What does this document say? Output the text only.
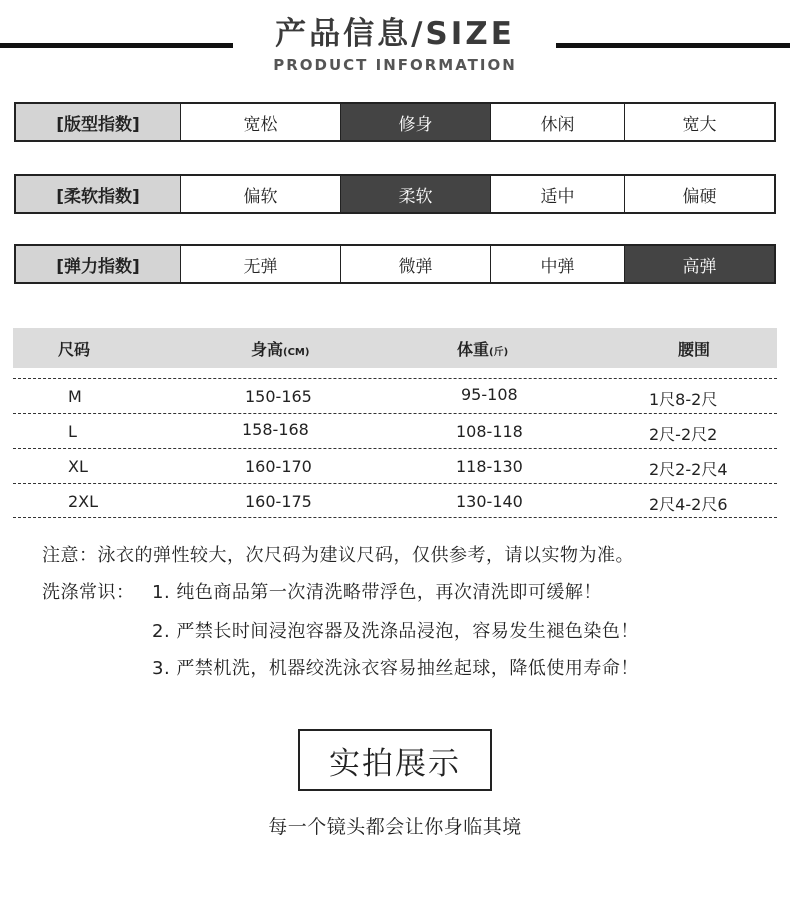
产品信息/SIZE
PRODUCT INFORMATION
[版型指数]	宽松	修身	休闲	宽大
[柔软指数]	偏软	柔软	适中	偏硬
[弹力指数]	无弹	微弹	中弹	高弹
尺码	身高(CM)	体重(斤)	腰围
M	150-165	95-108	1尺8-2尺
L	158-168	108-118	2尺-2尺2
XL	160-170	118-130	2尺2-2尺4
2XL	160-175	130-140	2尺4-2尺6
注意：泳衣的弹性较大，次尺码为建议尺码，仅供参考，请以实物为准。
洗涤常识： 1. 纯色商品第一次清洗略带浮色，再次清洗即可缓解！
2. 严禁长时间浸泡容器及洗涤品浸泡，容易发生褪色染色！
3. 严禁机洗，机器绞洗泳衣容易抽丝起球，降低使用寿命！
实拍展示
每一个镜头都会让你身临其境
